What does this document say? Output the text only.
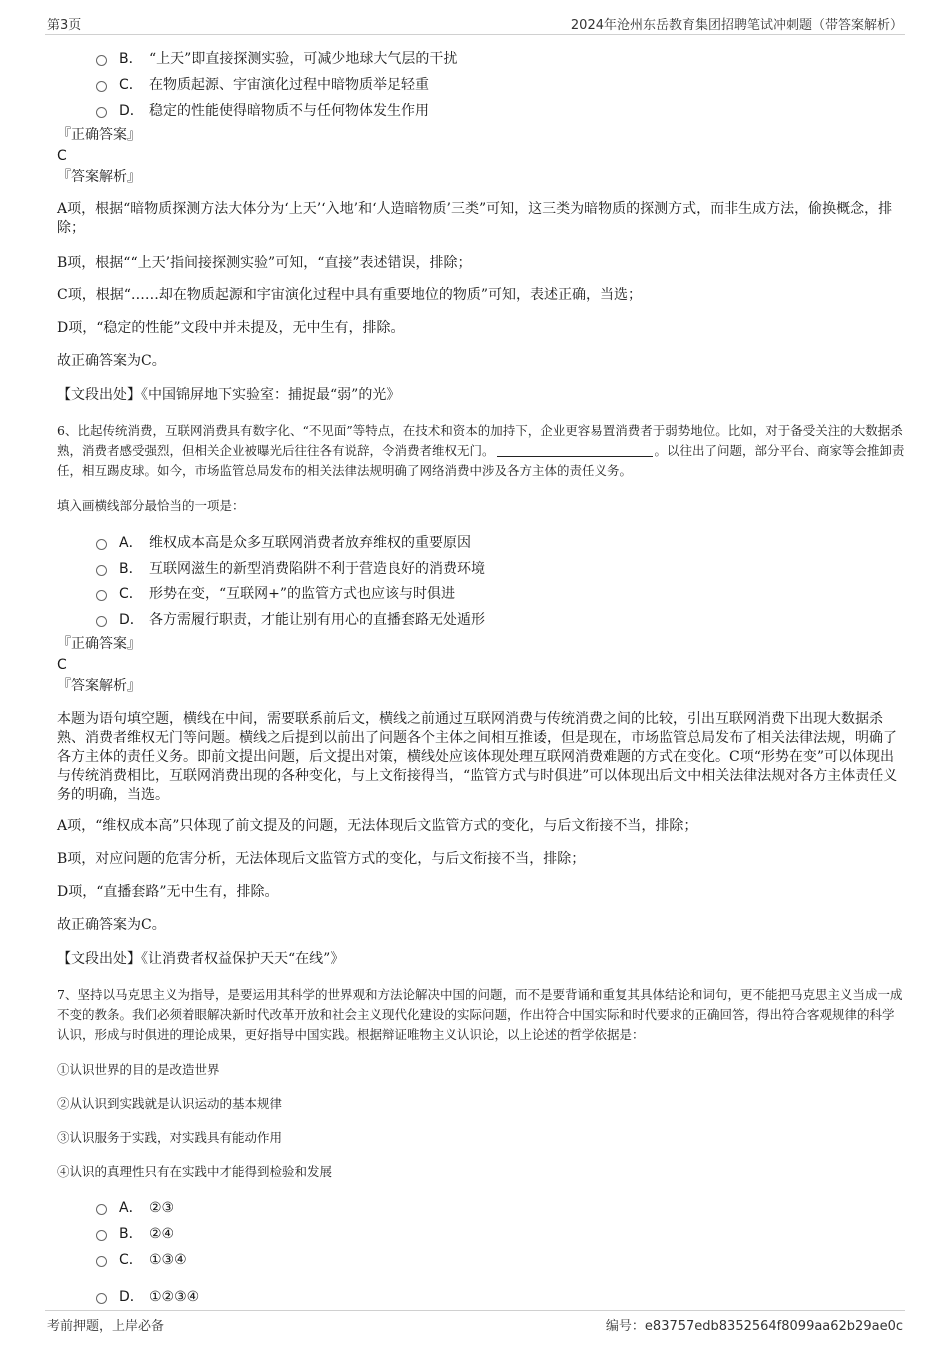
第3页	2024年沧州东岳教育集团招聘笔试冲刺题（带答案解析）
B． “上天”即直接探测实验，可减少地球大气层的干扰
C． 在物质起源、宇宙演化过程中暗物质举足轻重
D． 稳定的性能使得暗物质不与任何物体发生作用
『正确答案』
C
『答案解析』
A项，根据“暗物质探测方法大体分为‘上天’‘入地’和‘人造暗物质’三类”可知，这三类为暗物质的探测方式，而非生成方法，偷换概念，排除；
B项，根据““上天’指间接探测实验”可知，“直接”表述错误，排除；
C项，根据“……却在物质起源和宇宙演化过程中具有重要地位的物质”可知，表述正确，当选；
D项，“稳定的性能”文段中并未提及，无中生有，排除。
故正确答案为C。
【文段出处】《中国锦屏地下实验室：捕捉最“弱”的光》
6、比起传统消费，互联网消费具有数字化、“不见面”等特点，在技术和资本的加持下，企业更容易置消费者于弱势地位。比如，对于备受关注的大数据杀熟，消费者感受强烈，但相关企业被曝光后往往各有说辞，令消费者维权无门。	。以往出了问题，部分平台、商家等会推卸责任，相互踢皮球。如今，市场监管总局发布的相关法律法规明确了网络消费中涉及各方主体的责任义务。
填入画横线部分最恰当的一项是：
A． 维权成本高是众多互联网消费者放弃维权的重要原因
B． 互联网滋生的新型消费陷阱不利于营造良好的消费环境
C． 形势在变，“互联网+”的监管方式也应该与时俱进
D． 各方需履行职责，才能让别有用心的直播套路无处遁形
『正确答案』
C
『答案解析』
本题为语句填空题，横线在中间，需要联系前后文，横线之前通过互联网消费与传统消费之间的比较，引出互联网消费下出现大数据杀熟、消费者维权无门等问题。横线之后提到以前出了问题各个主体之间相互推诿，但是现在，市场监管总局发布了相关法律法规，明确了各方主体的责任义务。即前文提出问题，后文提出对策，横线处应该体现处理互联网消费难题的方式在变化。C项“形势在变”可以体现出与传统消费相比，互联网消费出现的各种变化，与上文衔接得当，“监管方式与时俱进”可以体现出后文中相关法律法规对各方主体责任义务的明确，当选。
A项，“维权成本高”只体现了前文提及的问题，无法体现后文监管方式的变化，与后文衔接不当，排除；
B项，对应问题的危害分析，无法体现后文监管方式的变化，与后文衔接不当，排除；
D项，“直播套路”无中生有，排除。
故正确答案为C。
【文段出处】《让消费者权益保护天天“在线”》
7、坚持以马克思主义为指导，是要运用其科学的世界观和方法论解决中国的问题，而不是要背诵和重复其具体结论和词句，更不能把马克思主义当成一成不变的教条。我们必须着眼解决新时代改革开放和社会主义现代化建设的实际问题，作出符合中国实际和时代要求的正确回答，得出符合客观规律的科学认识，形成与时俱进的理论成果，更好指导中国实践。根据辩证唯物主义认识论，以上论述的哲学依据是：
①认识世界的目的是改造世界
②从认识到实践就是认识运动的基本规律
③认识服务于实践，对实践具有能动作用
④认识的真理性只有在实践中才能得到检验和发展
A． ②③
B． ②④
C． ①③④
D． ①②③④
考前押题，上岸必备	编号：e83757edb8352564f8099aa62b29ae0c
